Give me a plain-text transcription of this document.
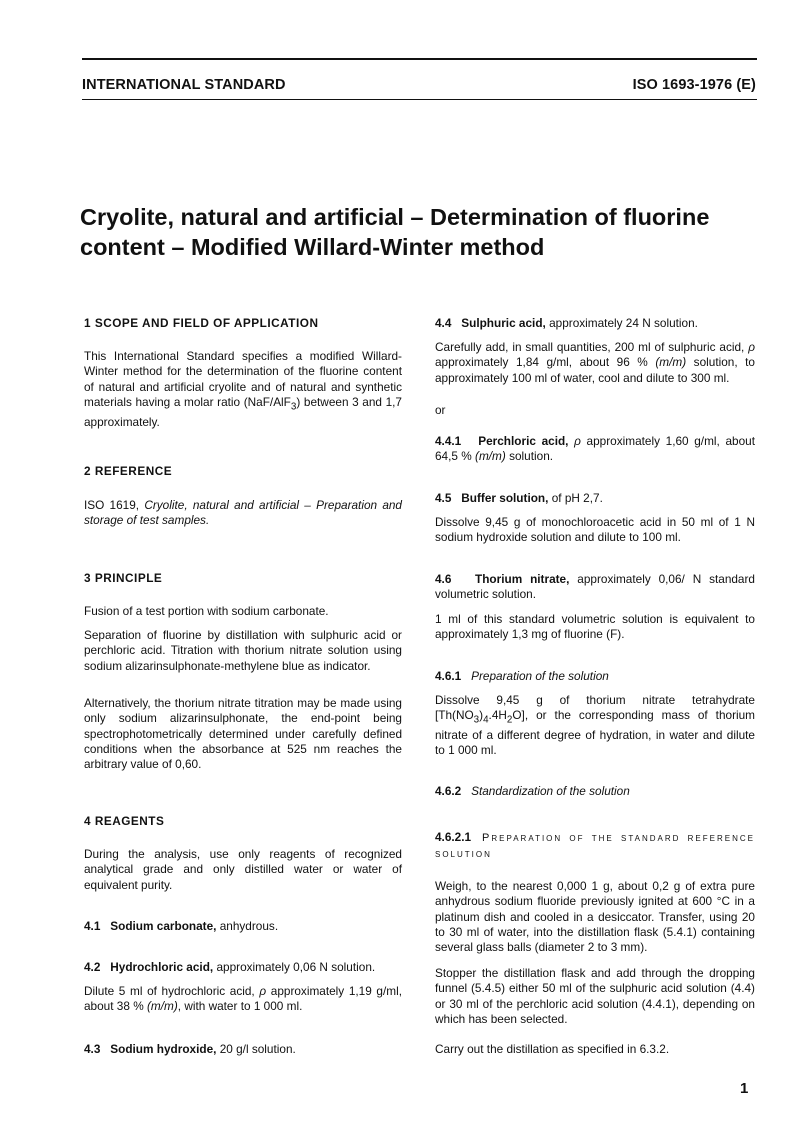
INTERNATIONAL STANDARD	ISO 1693-1976 (E)
Cryolite, natural and artificial – Determination of fluorine
content – Modified Willard-Winter method
1 SCOPE AND FIELD OF APPLICATION

This International Standard specifies a modified Willard-Winter method for the determination of the fluorine content of natural and artificial cryolite and of natural and synthetic materials having a molar ratio (NaF/AlF$_3$) between 3 and 1,7 approximately.

2 REFERENCE

ISO 1619, Cryolite, natural and artificial – Preparation and storage of test samples.

3 PRINCIPLE

Fusion of a test portion with sodium carbonate.

Separation of fluorine by distillation with sulphuric acid or perchloric acid. Titration with thorium nitrate solution using sodium alizarinsulphonate-methylene blue as indicator.

Alternatively, the thorium nitrate titration may be made using only sodium alizarinsulphonate, the end-point being spectrophotometrically determined under carefully defined conditions when the absorbance at 525 nm reaches the arbitrary value of 0,60.

4 REAGENTS

During the analysis, use only reagents of recognized analytical grade and only distilled water or water of equivalent purity.

4.1 Sodium carbonate, anhydrous.

4.2 Hydrochloric acid, approximately 0,06 N solution.

Dilute 5 ml of hydrochloric acid, ρ approximately 1,19 g/ml, about 38 % (m/m), with water to 1 000 ml.

4.3 Sodium hydroxide, 20 g/l solution.

4.4 Sulphuric acid, approximately 24 N solution.

Carefully add, in small quantities, 200 ml of sulphuric acid, ρ approximately 1,84 g/ml, about 96 % (m/m) solution, to approximately 100 ml of water, cool and dilute to 300 ml.

or

4.4.1 Perchloric acid, ρ approximately 1,60 g/ml, about 64,5 % (m/m) solution.

4.5 Buffer solution, of pH 2,7.

Dissolve 9,45 g of monochloroacetic acid in 50 ml of 1 N sodium hydroxide solution and dilute to 100 ml.

4.6 Thorium nitrate, approximately 0,06/ N standard volumetric solution.

1 ml of this standard volumetric solution is equivalent to approximately 1,3 mg of fluorine (F).

4.6.1 Preparation of the solution

Dissolve 9,45 g of thorium nitrate tetrahydrate $[Th(NO_3)_4.4H_2O]$, or the corresponding mass of thorium nitrate of a different degree of hydration, in water and dilute to 1 000 ml.

4.6.2 Standardization of the solution

4.6.2.1 Preparation of the standard reference solution

Weigh, to the nearest 0,000 1 g, about 0,2 g of extra pure anhydrous sodium fluoride previously ignited at 600 °C in a platinum dish and cooled in a desiccator. Transfer, using 20 to 30 ml of water, into the distillation flask (5.4.1) containing several glass balls (diameter 2 to 3 mm).

Stopper the distillation flask and add through the dropping funnel (5.4.5) either 50 ml of the sulphuric acid solution (4.4) or 30 ml of the perchloric acid solution (4.4.1), depending on which has been selected.

Carry out the distillation as specified in 6.3.2.

1
